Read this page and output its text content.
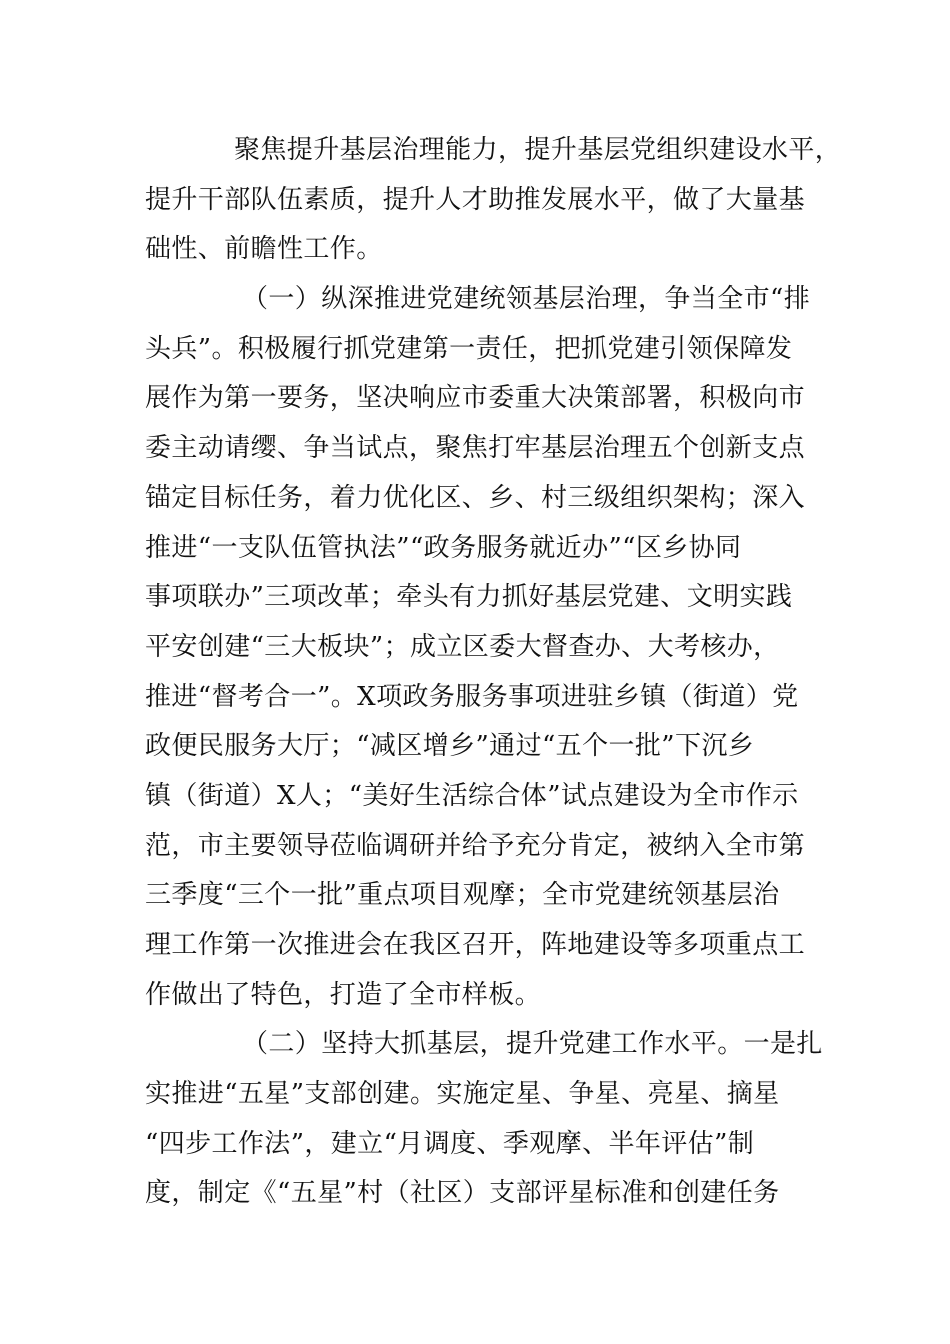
聚焦提升基层治理能力，提升基层党组织建设水平，
提升干部队伍素质，提升人才助推发展水平，做了大量基
础性、前瞻性工作。

（一）纵深推进党建统领基层治理，争当全市“排
头兵”。积极履行抓党建第一责任，把抓党建引领保障发
展作为第一要务，坚决响应市委重大决策部署，积极向市
委主动请缨、争当试点，聚焦打牢基层治理五个创新支点
锚定目标任务，着力优化区、乡、村三级组织架构；深入
推进“一支队伍管执法”“政务服务就近办”“区乡协同
事项联办”三项改革；牵头有力抓好基层党建、文明实践
平安创建“三大板块”；成立区委大督查办、大考核办，
推进“督考合一”。X项政务服务事项进驻乡镇（街道）党
政便民服务大厅；“减区增乡”通过“五个一批”下沉乡
镇（街道）X人；“美好生活综合体”试点建设为全市作示
范，市主要领导莅临调研并给予充分肯定，被纳入全市第
三季度“三个一批”重点项目观摩；全市党建统领基层治
理工作第一次推进会在我区召开，阵地建设等多项重点工
作做出了特色，打造了全市样板。

（二）坚持大抓基层，提升党建工作水平。一是扎
实推进“五星”支部创建。实施定星、争星、亮星、摘星
“四步工作法”，建立“月调度、季观摩、半年评估”制
度，制定《“五星”村（社区）支部评星标准和创建任务
